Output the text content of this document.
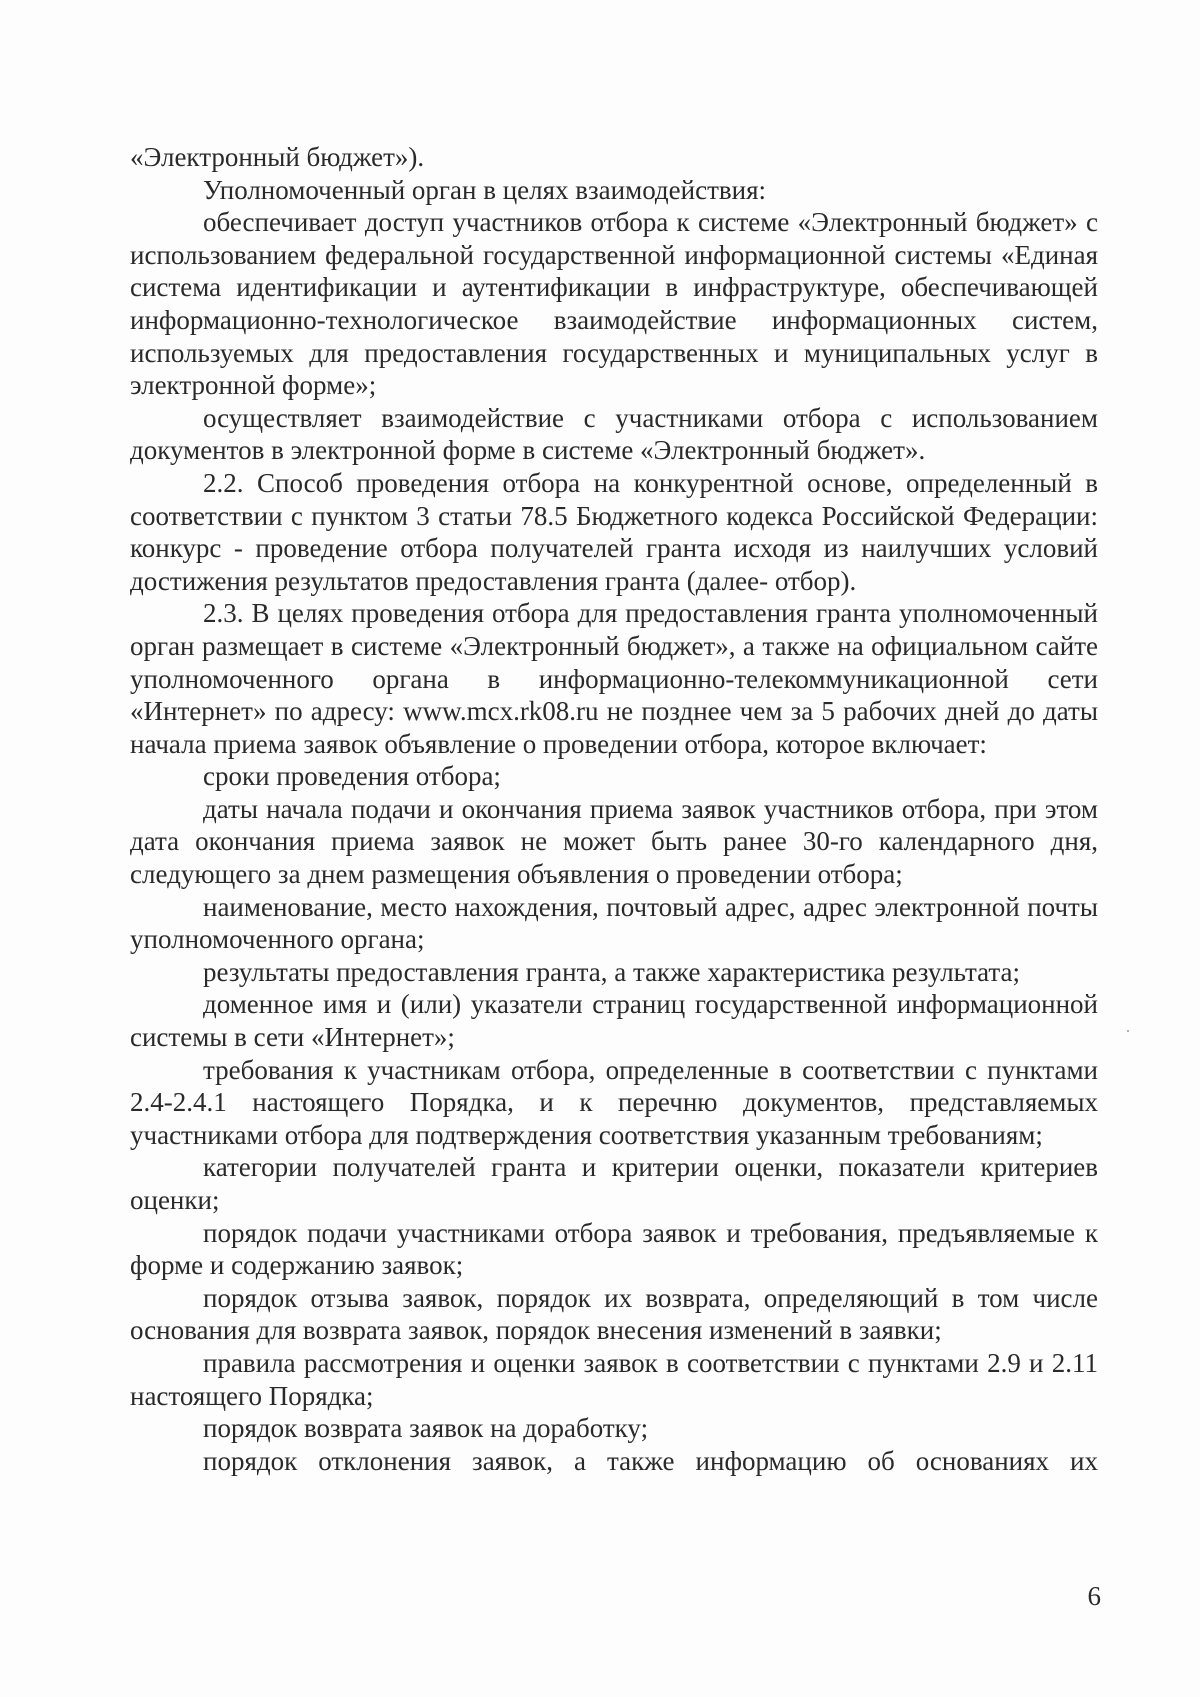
«Электронный бюджет»).

Уполномоченный орган в целях взаимодействия:

обеспечивает доступ участников отбора к системе «Электронный бюджет» с использованием федеральной государственной информационной системы «Единая система идентификации и аутентификации в инфраструктуре, обеспечивающей информационно-технологическое взаимодействие информационных систем, используемых для предоставления государственных и муниципальных услуг в электронной форме»;

осуществляет взаимодействие с участниками отбора с использованием документов в электронной форме в системе «Электронный бюджет».

2.2. Способ проведения отбора на конкурентной основе, определенный в соответствии с пунктом 3 статьи 78.5 Бюджетного кодекса Российской Федерации: конкурс - проведение отбора получателей гранта исходя из наилучших условий достижения результатов предоставления гранта (далее- отбор).

2.3. В целях проведения отбора для предоставления гранта уполномоченный орган размещает в системе «Электронный бюджет», а также на официальном сайте уполномоченного органа в информационно-телекоммуникационной сети «Интернет» по адресу: www.mcx.rk08.ru не позднее чем за 5 рабочих дней до даты начала приема заявок объявление о проведении отбора, которое включает:

сроки проведения отбора;

даты начала подачи и окончания приема заявок участников отбора, при этом дата окончания приема заявок не может быть ранее 30-го календарного дня, следующего за днем размещения объявления о проведении отбора;

наименование, место нахождения, почтовый адрес, адрес электронной почты уполномоченного органа;

результаты предоставления гранта, а также характеристика результата;

доменное имя и (или) указатели страниц государственной информационной системы в сети «Интернет»;

требования к участникам отбора, определенные в соответствии с пунктами 2.4-2.4.1 настоящего Порядка, и к перечню документов, представляемых участниками отбора для подтверждения соответствия указанным требованиям;

категории получателей гранта и критерии оценки, показатели критериев оценки;

порядок подачи участниками отбора заявок и требования, предъявляемые к форме и содержанию заявок;

порядок отзыва заявок, порядок их возврата, определяющий в том числе основания для возврата заявок, порядок внесения изменений в заявки;

правила рассмотрения и оценки заявок в соответствии с пунктами 2.9 и 2.11 настоящего Порядка;

порядок возврата заявок на доработку;

порядок отклонения заявок, а также информацию об основаниях их

6
